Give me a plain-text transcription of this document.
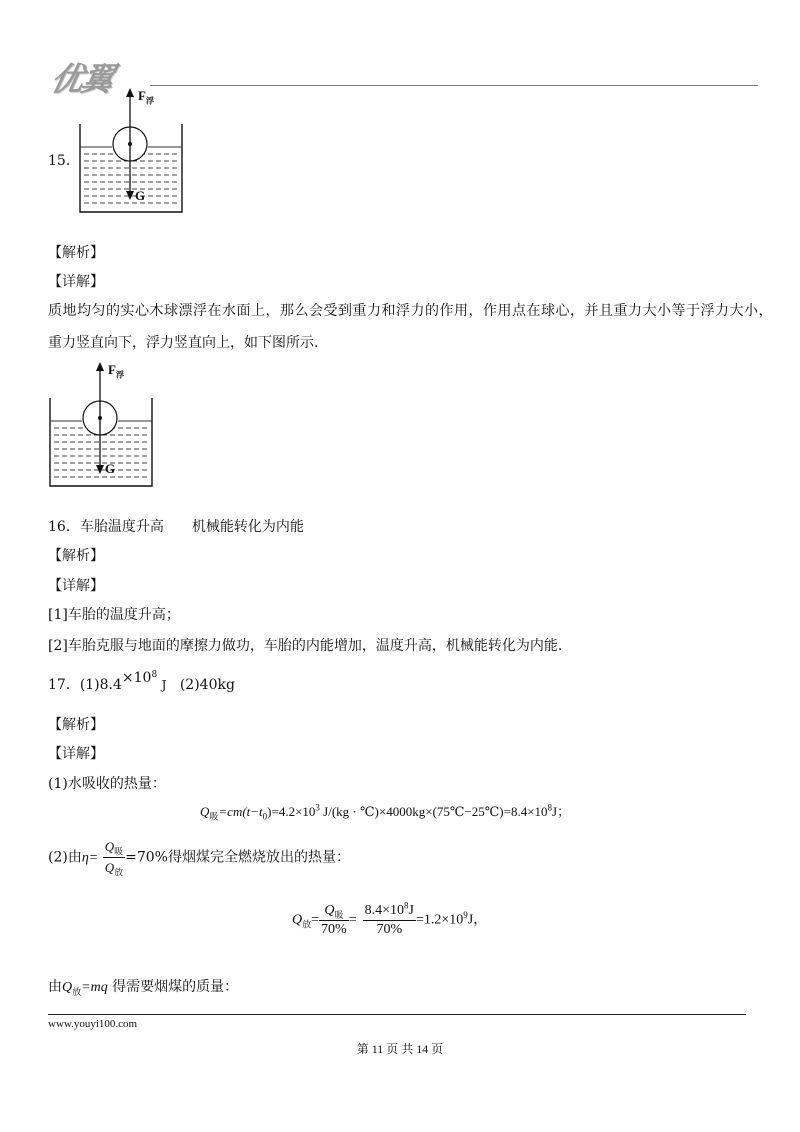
优翼
15．
$F_浮$
G
【解析】
【详解】
质地均匀的实心木球漂浮在水面上，那么会受到重力和浮力的作用，作用点在球心，并且重力大小等于浮力大小，
重力竖直向下，浮力竖直向上，如下图所示.
$F_浮$
G
16．车胎温度升高　　机械能转化为内能
【解析】
【详解】
[1]车胎的温度升高；
[2]车胎克服与地面的摩擦力做功，车胎的内能增加，温度升高，机械能转化为内能.
17．$(1)8.4\times 10^8$ J (2)40kg
【解析】
【详解】
(1)水吸收的热量：
$Q_吸=cm(t-t_0)=4.2\times 10^3$ $J/(kg \cdot ℃)\times 4000kg\times(75℃-25℃)=8.4\times 10^8J$；
(2)由$\eta= \frac{Q_吸}{Q_放} =70\%$得烟煤完全燃烧放出的热量：
$Q_放= \frac{Q_吸}{70\%} = \frac{8.4\times 10^8J}{70\%} =1.2\times 10^9J$，
由$Q_放=mq$ 得需要烟煤的质量：
www.youyi100.com
第 11 页 共 14 页
